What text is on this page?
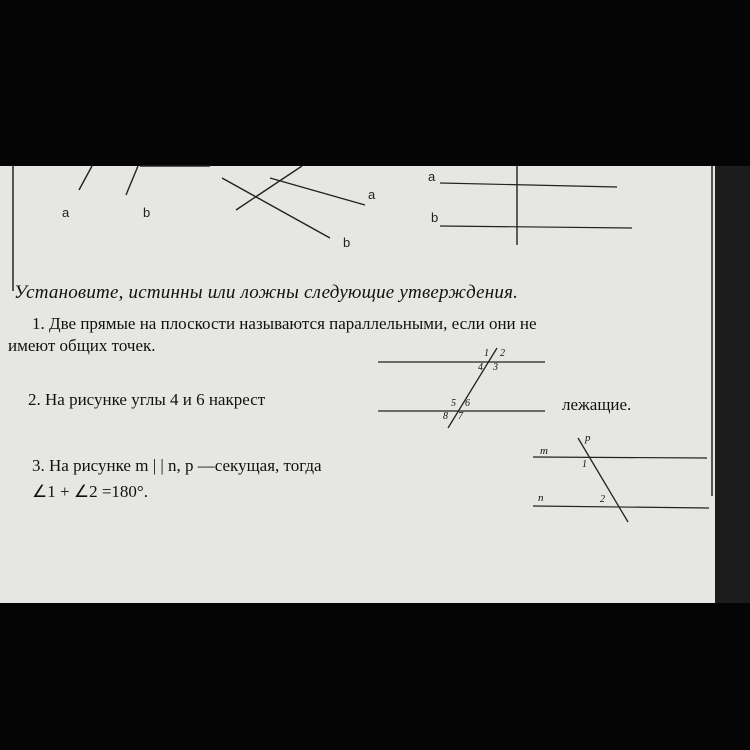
a	b
a
b
a
b
Установите, истинны или ложны следующие утверждения.
1. Две прямые на плоскости называются параллельными, если они не
имеют общих точек.
2. На рисунке углы 4 и 6 накрест	лежащие.
1 2
4 3
5 6
8 7
3. На рисунке m | | n, p —секущая, тогда
∠1 + ∠2 =180°.
m
n
p
1
2
